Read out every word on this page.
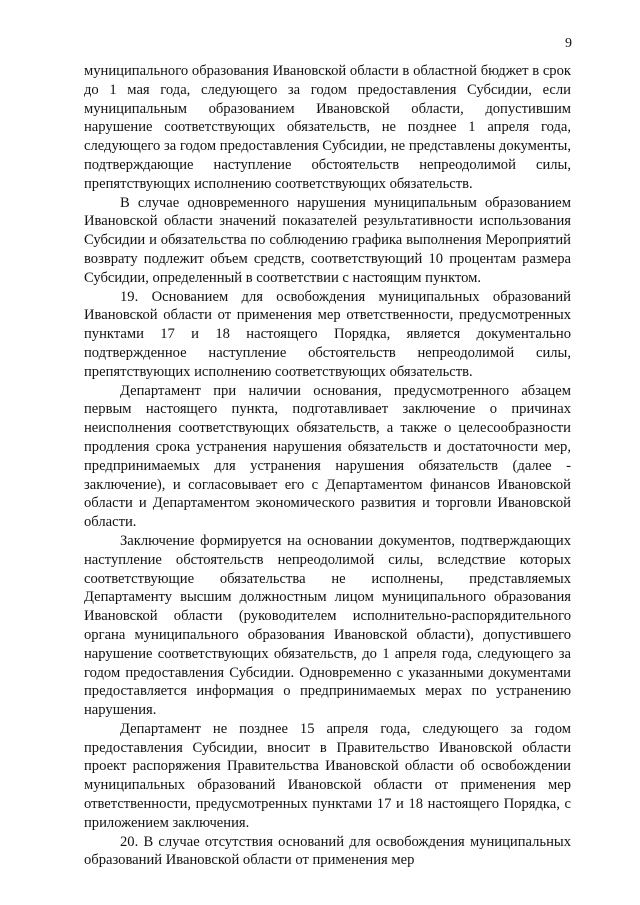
9

муниципального образования Ивановской области в областной бюджет в срок до 1 мая года, следующего за годом предоставления Субсидии, если муниципальным образованием Ивановской области, допустившим нарушение соответствующих обязательств, не позднее 1 апреля года, следующего за годом предоставления Субсидии, не представлены документы, подтверждающие наступление обстоятельств непреодолимой силы, препятствующих исполнению соответствующих обязательств.

В случае одновременного нарушения муниципальным образованием Ивановской области значений показателей результативности использования Субсидии и обязательства по соблюдению графика выполнения Мероприятий возврату подлежит объем средств, соответствующий 10 процентам размера Субсидии, определенный в соответствии с настоящим пунктом.

19. Основанием для освобождения муниципальных образований Ивановской области от применения мер ответственности, предусмотренных пунктами 17 и 18 настоящего Порядка, является документально подтвержденное наступление обстоятельств непреодолимой силы, препятствующих исполнению соответствующих обязательств.

Департамент при наличии основания, предусмотренного абзацем первым настоящего пункта, подготавливает заключение о причинах неисполнения соответствующих обязательств, а также о целесообразности продления срока устранения нарушения обязательств и достаточности мер, предпринимаемых для устранения нарушения обязательств (далее - заключение), и согласовывает его с Департаментом финансов Ивановской области и Департаментом экономического развития и торговли Ивановской области.

Заключение формируется на основании документов, подтверждающих наступление обстоятельств непреодолимой силы, вследствие которых соответствующие обязательства не исполнены, представляемых Департаменту высшим должностным лицом муниципального образования Ивановской области (руководителем исполнительно-распорядительного органа муниципального образования Ивановской области), допустившего нарушение соответствующих обязательств, до 1 апреля года, следующего за годом предоставления Субсидии. Одновременно с указанными документами предоставляется информация о предпринимаемых мерах по устранению нарушения.

Департамент не позднее 15 апреля года, следующего за годом предоставления Субсидии, вносит в Правительство Ивановской области проект распоряжения Правительства Ивановской области об освобождении муниципальных образований Ивановской области от применения мер ответственности, предусмотренных пунктами 17 и 18 настоящего Порядка, с приложением заключения.

20. В случае отсутствия оснований для освобождения муниципальных образований Ивановской области от применения мер
